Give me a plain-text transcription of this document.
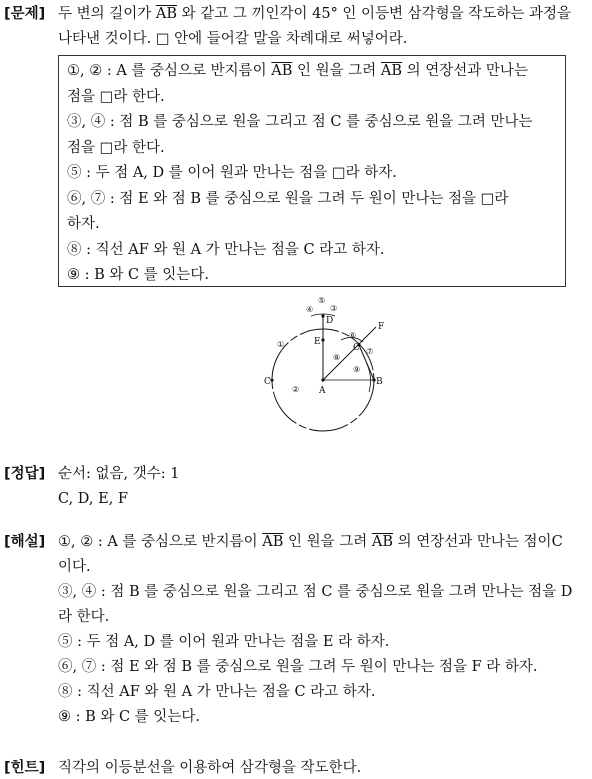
[문제] 두 변의 길이가 $\overline{AB}$ 와 같고 그 끼인각이 45° 인 이등변 삼각형을 작도하는 과정을
나타낸 것이다. □ 안에 들어갈 말을 차례대로 써넣어라.
①, ② : A 를 중심으로 반지름이 $\overline{AB}$ 인 원을 그려 $\overline{AB}$ 의 연장선과 만나는
점을 □라 한다.
③, ④ : 점 B 를 중심으로 원을 그리고 점 C 를 중심으로 원을 그려 만나는
점을 □라 한다.
⑤ : 두 점 A, D 를 이어 원과 만나는 점을 □라 하자.
⑥, ⑦ : 점 E 와 점 B 를 중심으로 원을 그려 두 원이 만나는 점을 □라
하자.
⑧ : 직선 AF 와 원 A 가 만나는 점을 C 라고 하자.
⑨ : B 와 C 를 잇는다.
A
B
C
C
D
E
F
①
②
③
④
⑤
⑥
⑦
⑧
⑨
[정답] 순서: 없음, 갯수: 1
C, D, E, F
[해설] ①, ② : A 를 중심으로 반지름이 $\overline{AB}$ 인 원을 그려 $\overline{AB}$ 의 연장선과 만나는 점이C
이다.
③, ④ : 점 B 를 중심으로 원을 그리고 점 C 를 중심으로 원을 그려 만나는 점을 D
라 한다.
⑤ : 두 점 A, D 를 이어 원과 만나는 점을 E 라 하자.
⑥, ⑦ : 점 E 와 점 B 를 중심으로 원을 그려 두 원이 만나는 점을 F 라 하자.
⑧ : 직선 AF 와 원 A 가 만나는 점을 C 라고 하자.
⑨ : B 와 C 를 잇는다.
[힌트] 직각의 이등분선을 이용하여 삼각형을 작도한다.
